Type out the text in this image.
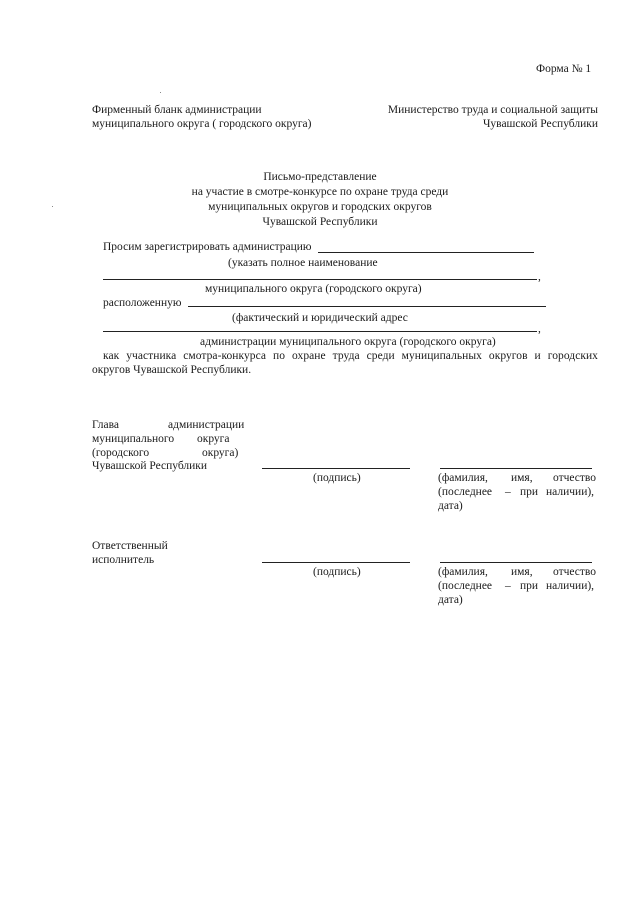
Форма № 1
Фирменный бланк администрации
муниципального округа ( городского округа)
Министерство труда и социальной защиты
Чувашской Республики
Письмо-представление
на участие в смотре-конкурсе по охране труда среди
муниципальных округов и городских округов
Чувашской Республики
Просим зарегистрировать администрацию
(указать полное наименование
,
муниципального округа (городского округа)
расположенную
(фактический и юридический адрес
,
администрации муниципального округа (городского округа)
как участника смотра-конкурса по охране труда среди муниципальных округов и городских
округов Чувашской Республики.
Глава	администрации
муниципального округа
(городского	округа)
Чувашской Республики
(подпись)	(фамилия, имя, отчество
(последнее – при наличии),
дата)
Ответственный
исполнитель
(подпись)	(фамилия, имя, отчество
(последнее – при наличии),
дата)
